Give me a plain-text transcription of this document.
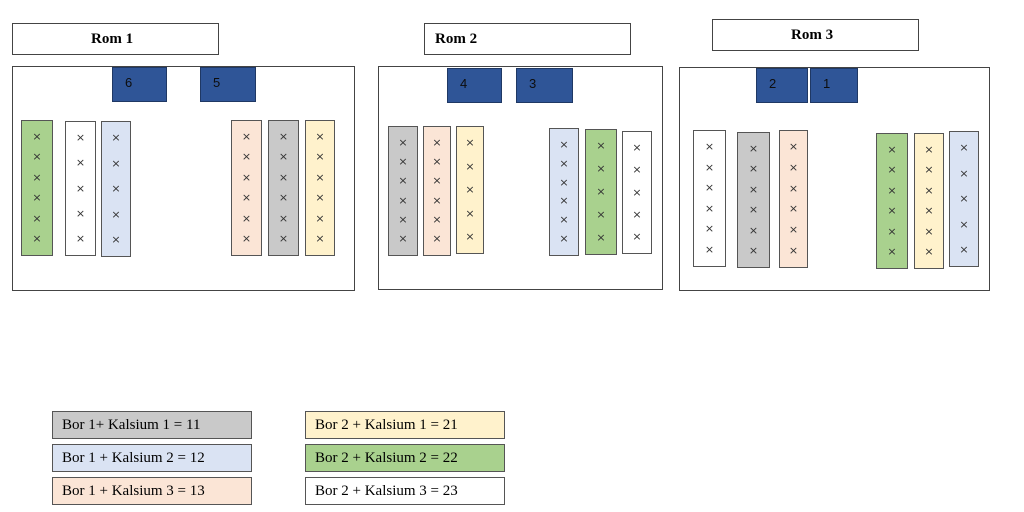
Rom 1	Rom 2	Rom 3
6	5	4	3	2	1
×
×
×
×
×
×
×
×
×
×
×
×
×
×
×
×
×
×
×
×
×
×
×
×
×
×
×
×
×
×
×
×
×
×
×
×
×
×
×
×
×
×
×
×
×
×
×
×
×
×
×
×
×
×
×
×
×
×
×
×
×
×
×
×
×
×
×
×
×
×
×
×
×
×
×
×
×
×
×
×
×
×
×
×
×
×
×
×
×
×
×
×
×
×
×
×
×
×
×
×
×
×
Bor 1+ Kalsium 1 = 11
Bor 1 + Kalsium 2 = 12
Bor 1 + Kalsium 3 = 13
Bor 2 + Kalsium 1 = 21
Bor 2 + Kalsium 2 = 22
Bor 2 + Kalsium 3 = 23
